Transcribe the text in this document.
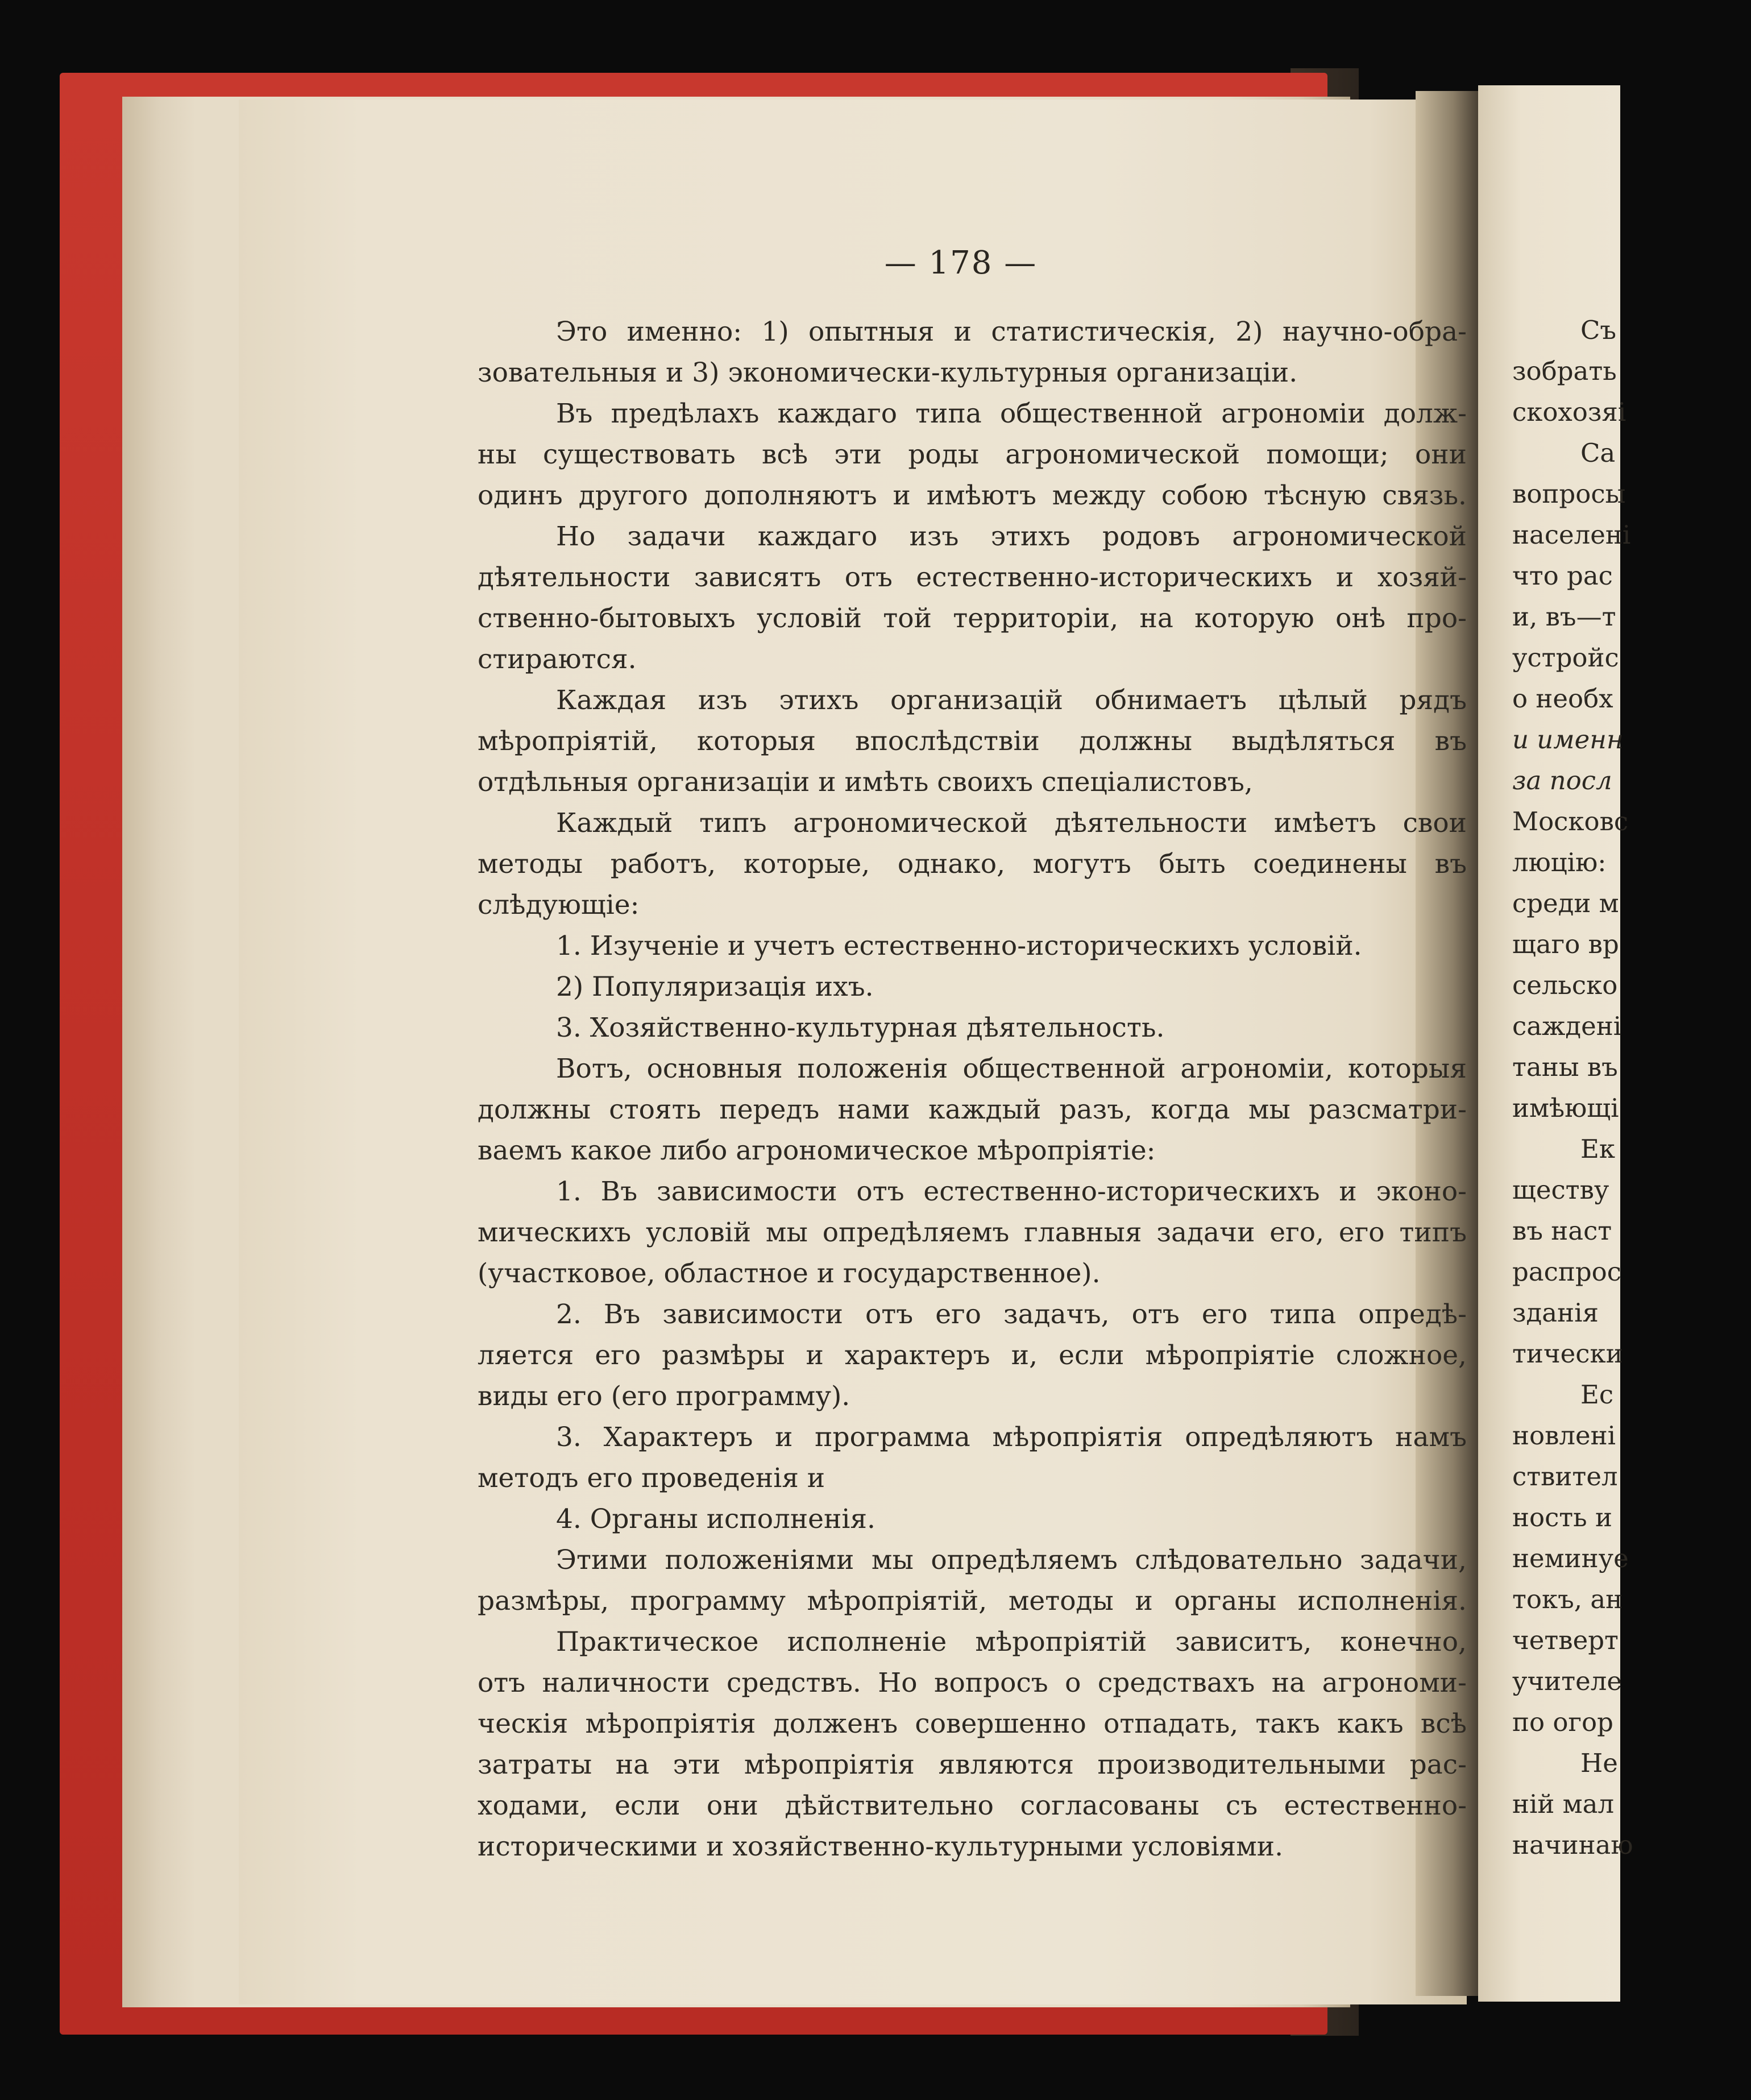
— 178 —
Это именно: 1) опытныя и статистическія, 2) научно-обра-
зовательныя и 3) экономически-культурныя организаціи.
Въ предѣлахъ каждаго типа общественной агрономіи долж-
ны существовать всѣ эти роды агрономической помощи; они
одинъ другого дополняютъ и имѣютъ между собою тѣсную связь.
Но задачи каждаго изъ этихъ родовъ агрономической
дѣятельности зависятъ отъ естественно-историческихъ и хозяй-
ственно-бытовыхъ условій той территоріи, на которую онѣ про-
стираются.
Каждая изъ этихъ организацій обнимаетъ цѣлый рядъ
мѣропріятій, которыя впослѣдствіи должны выдѣляться въ
отдѣльныя организаціи и имѣть своихъ спеціалистовъ,
Каждый типъ агрономической дѣятельности имѣетъ свои
методы работъ, которые, однако, могутъ быть соединены въ
слѣдующіе:
1. Изученіе и учетъ естественно-историческихъ условій.
2) Популяризація ихъ.
3. Хозяйственно-культурная дѣятельность.
Вотъ, основныя положенія общественной агрономіи, которыя
должны стоять передъ нами каждый разъ, когда мы разсматри-
ваемъ какое либо агрономическое мѣропріятіе:
1. Въ зависимости отъ естественно-историческихъ и эконо-
мическихъ условій мы опредѣляемъ главныя задачи его, его типъ
(участковое, областное и государственное).
2. Въ зависимости отъ его задачъ, отъ его типа опредѣ-
ляется его размѣры и характеръ и, если мѣропріятіе сложное,
виды его (его программу).
3. Характеръ и программа мѣропріятія опредѣляютъ намъ
методъ его проведенія и
4. Органы исполненія.
Этими положеніями мы опредѣляемъ слѣдовательно задачи,
размѣры, программу мѣропріятій, методы и органы исполненія.
Практическое исполненіе мѣропріятій зависитъ, конечно,
отъ наличности средствъ. Но вопросъ о средствахъ на агрономи-
ческія мѣропріятія долженъ совершенно отпадать, такъ какъ всѣ
затраты на эти мѣропріятія являются производительными рас-
ходами, если они дѣйствительно согласованы съ естественно-
историческими и хозяйственно-культурными условіями.
Съ
зобрать
скохозяі
Са
вопросы
населені
что рас
и, въ—т
устройс
о необх
и именн
за посл
Московс
люцію:
среди м
щаго вр
сельско
саждені
таны въ
имѣющі
Ек
ществу
въ наст
распрос
зданія
тически
Ес
новлені
ствител
ность и
неминуе
токъ, ан
четверт
учителе
по огор
Не
ній мал
начинаю
